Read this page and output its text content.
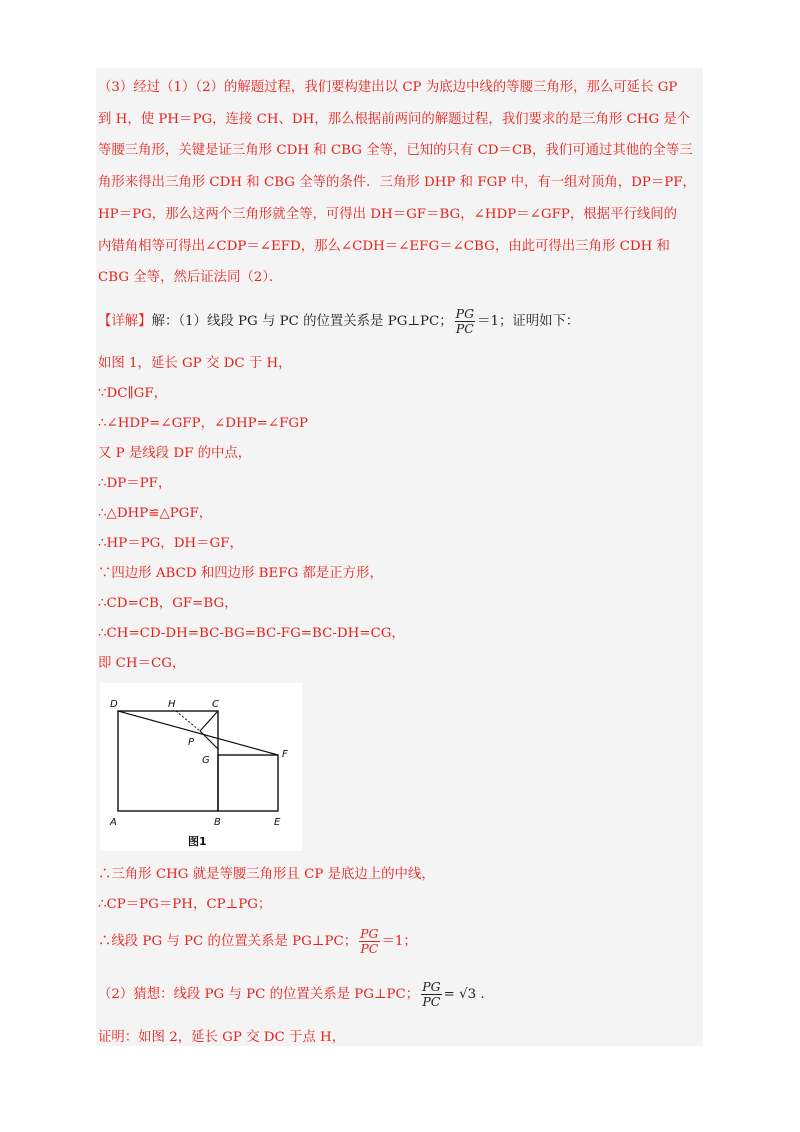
（3）经过（1）（2）的解题过程，我们要构建出以 CP 为底边中线的等腰三角形，那么可延长 GP
到 H，使 PH＝PG，连接 CH、DH，那么根据前两问的解题过程，我们要求的是三角形 CHG 是个
等腰三角形，关键是证三角形 CDH 和 CBG 全等，已知的只有 CD＝CB，我们可通过其他的全等三
角形来得出三角形 CDH 和 CBG 全等的条件．三角形 DHP 和 FGP 中，有一组对顶角，DP＝PF，
HP＝PG，那么这两个三角形就全等，可得出 DH＝GF＝BG，∠HDP＝∠GFP，根据平行线间的
内错角相等可得出∠CDP＝∠EFD，那么∠CDH＝∠EFG＝∠CBG，由此可得出三角形 CDH 和
CBG 全等，然后证法同（2）．
【详解】解：（1）线段 PG 与 PC 的位置关系是 PG⊥PC； $\frac{PG}{PC} =1$；证明如下：
如图 1，延长 GP 交 DC 于 H，
∵DC∥GF，
∴∠HDP=∠GFP，∠DHP=∠FGP
又 P 是线段 DF 的中点，
∴DP＝PF，
∴△DHP≌△PGF，
∴HP＝PG，DH＝GF，
∵四边形 ABCD 和四边形 BEFG 都是正方形，
∴CD=CB，GF=BG，
∴CH=CD-DH=BC-BG=BC-FG=BC-DH=CG，
即 CH＝CG，
D	H	C
P
G
F
A	B	E
图1
∴三角形 CHG 就是等腰三角形且 CP 是底边上的中线，
∴CP＝PG＝PH，CP⊥PG；
∴线段 PG 与 PC 的位置关系是 PG⊥PC； $\frac{PG}{PC} =1$；
（2）猜想：线段 PG 与 PC 的位置关系是 PG⊥PC； $\frac{PG}{PC} = √3$ .
证明：如图 2，延长 GP 交 DC 于点 H，
